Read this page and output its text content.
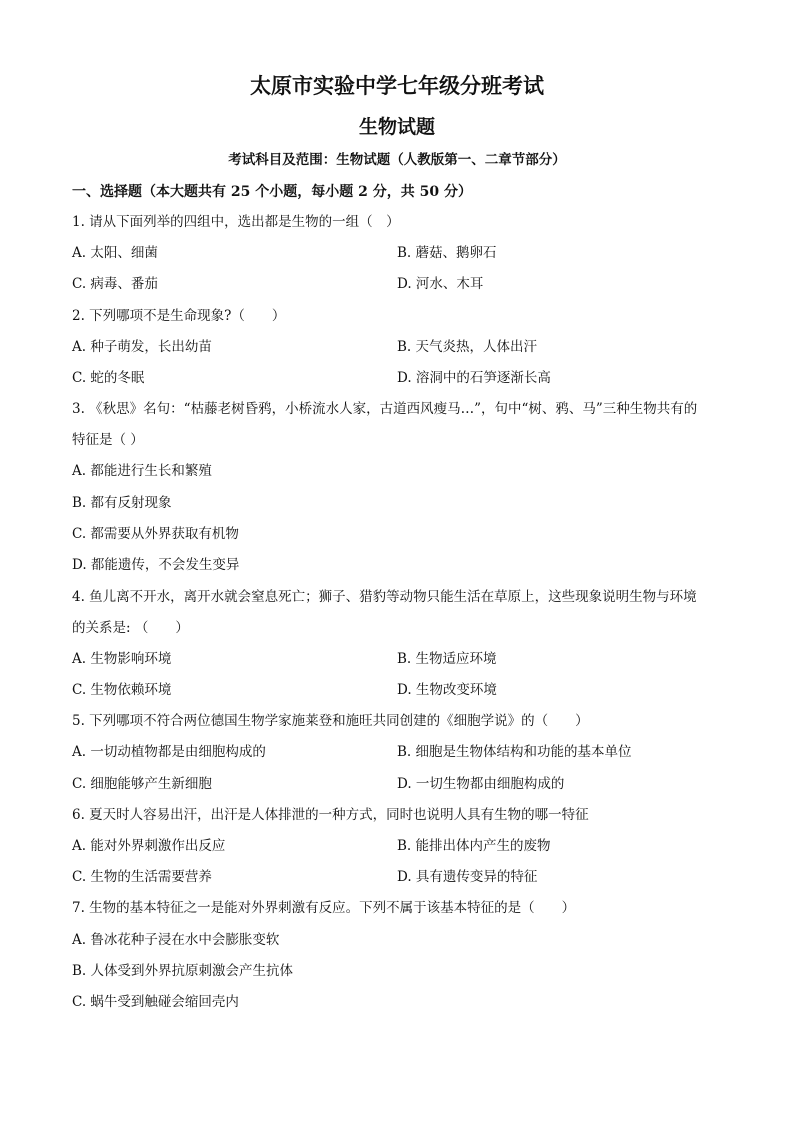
太原市实验中学七年级分班考试
生物试题
考试科目及范围：生物试题（人教版第一、二章节部分）
一、选择题（本大题共有 25 个小题，每小题 2 分，共 50 分）
1. 请从下面列举的四组中，选出都是生物的一组（　）
A. 太阳、细菌	B. 蘑菇、鹅卵石
C. 病毒、番茄	D. 河水、木耳
2. 下列哪项不是生命现象?（　　）
A. 种子萌发，长出幼苗	B. 天气炎热，人体出汗
C. 蛇的冬眠	D. 溶洞中的石笋逐渐长高
3. 《秋思》名句：“枯藤老树昏鸦，小桥流水人家，古道西风瘦马…”，句中“树、鸦、马”三种生物共有的
特征是（ ）
A. 都能进行生长和繁殖
B. 都有反射现象
C. 都需要从外界获取有机物
D. 都能遗传，不会发生变异
4. 鱼儿离不开水，离开水就会窒息死亡；狮子、猎豹等动物只能生活在草原上，这些现象说明生物与环境
的关系是: （　　）
A. 生物影响环境	B. 生物适应环境
C. 生物依赖环境	D. 生物改变环境
5. 下列哪项不符合两位德国生物学家施莱登和施旺共同创建的《细胞学说》的（　　）
A. 一切动植物都是由细胞构成的	B. 细胞是生物体结构和功能的基本单位
C. 细胞能够产生新细胞	D. 一切生物都由细胞构成的
6. 夏天时人容易出汗，出汗是人体排泄的一种方式，同时也说明人具有生物的哪一特征
A. 能对外界刺激作出反应	B. 能排出体内产生的废物
C. 生物的生活需要营养	D. 具有遗传变异的特征
7. 生物的基本特征之一是能对外界刺激有反应。下列不属于该基本特征的是（　　）
A. 鲁冰花种子浸在水中会膨胀变软
B. 人体受到外界抗原刺激会产生抗体
C. 蜗牛受到触碰会缩回壳内
